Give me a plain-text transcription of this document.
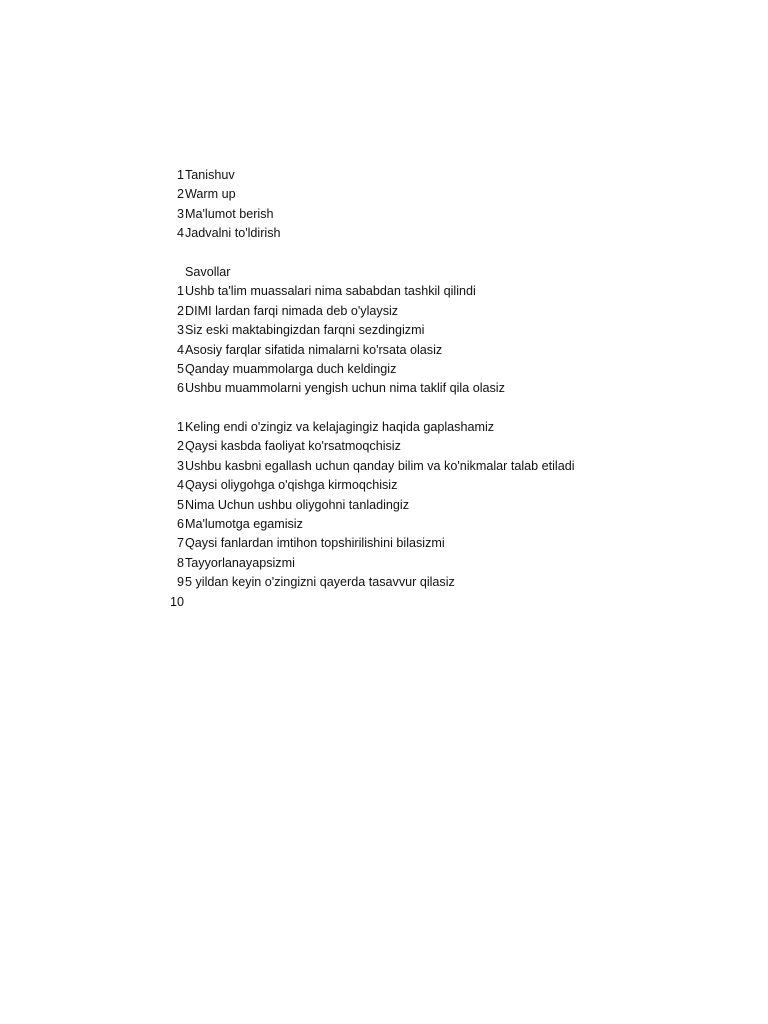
1 Tanishuv
2 Warm up
3 Ma'lumot berish
4 Jadvalni to'ldirish
Savollar
1 Ushb ta'lim muassalari nima sababdan tashkil qilindi
2 DIMI lardan farqi nimada deb o'ylaysiz
3 Siz eski maktabingizdan farqni sezdingizmi
4 Asosiy farqlar sifatida nimalarni ko'rsata olasiz
5 Qanday muammolarga duch keldingiz
6 Ushbu muammolarni yengish uchun nima taklif qila olasiz
1 Keling endi o'zingiz va kelajagingiz haqida gaplashamiz
2 Qaysi kasbda faoliyat ko'rsatmoqchisiz
3 Ushbu kasbni egallash uchun qanday bilim va ko'nikmalar talab etiladi
4 Qaysi oliygohga o'qishga kirmoqchisiz
5 Nima Uchun ushbu oliygohni tanladingiz
6 Ma'lumotga egamisiz
7 Qaysi fanlardan imtihon topshirilishini bilasizmi
8 Tayyorlanayapsizmi
9 5 yildan keyin o'zingizni qayerda tasavvur qilasiz
10
